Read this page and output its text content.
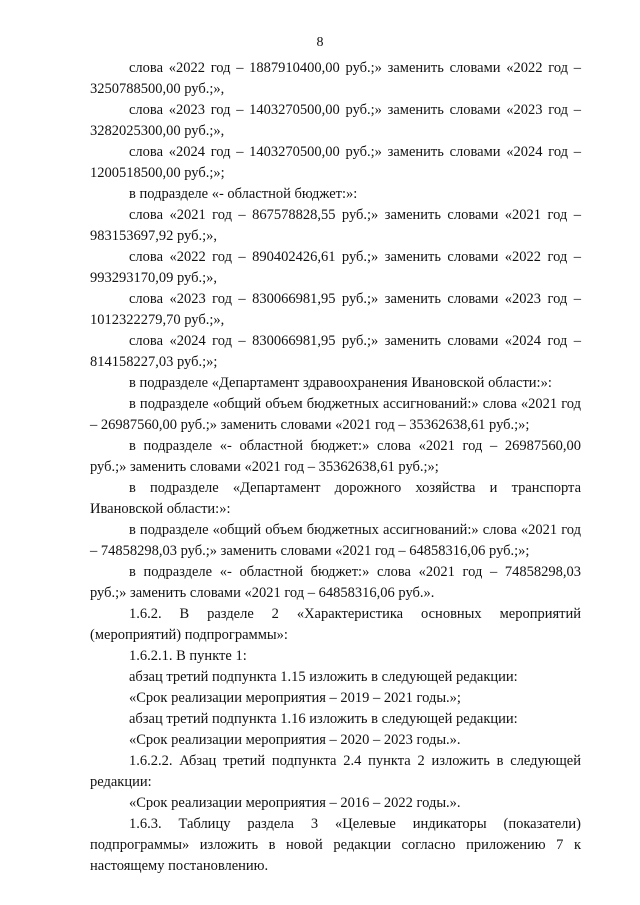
8

слова «2022 год – 1887910400,00 руб.;» заменить словами «2022 год – 3250788500,00 руб.;»,

слова «2023 год – 1403270500,00 руб.;» заменить словами «2023 год – 3282025300,00 руб.;»,

слова «2024 год – 1403270500,00 руб.;» заменить словами «2024 год – 1200518500,00 руб.;»;

в подразделе «- областной бюджет:»:

слова «2021 год – 867578828,55 руб.;» заменить словами «2021 год – 983153697,92 руб.;»,

слова «2022 год – 890402426,61 руб.;» заменить словами «2022 год – 993293170,09 руб.;»,

слова «2023 год – 830066981,95 руб.;» заменить словами «2023 год – 1012322279,70 руб.;»,

слова «2024 год – 830066981,95 руб.;» заменить словами «2024 год – 814158227,03 руб.;»;

в подразделе «Департамент здравоохранения Ивановской области:»:

в подразделе «общий объем бюджетных ассигнований:» слова «2021 год – 26987560,00 руб.;» заменить словами «2021 год – 35362638,61 руб.;»;

в подразделе «- областной бюджет:» слова «2021 год – 26987560,00 руб.;» заменить словами «2021 год – 35362638,61 руб.;»;

в подразделе «Департамент дорожного хозяйства и транспорта Ивановской области:»:

в подразделе «общий объем бюджетных ассигнований:» слова «2021 год – 74858298,03 руб.;» заменить словами «2021 год – 64858316,06 руб.;»;

в подразделе «- областной бюджет:» слова «2021 год – 74858298,03 руб.;» заменить словами «2021 год – 64858316,06 руб.».

1.6.2. В разделе 2 «Характеристика основных мероприятий (мероприятий) подпрограммы»:

1.6.2.1. В пункте 1:

абзац третий подпункта 1.15 изложить в следующей редакции:

«Срок реализации мероприятия – 2019 – 2021 годы.»;

абзац третий подпункта 1.16 изложить в следующей редакции:

«Срок реализации мероприятия – 2020 – 2023 годы.».

1.6.2.2. Абзац третий подпункта 2.4 пункта 2 изложить в следующей редакции:

«Срок реализации мероприятия – 2016 – 2022 годы.».

1.6.3. Таблицу раздела 3 «Целевые индикаторы (показатели) подпрограммы» изложить в новой редакции согласно приложению 7 к настоящему постановлению.
